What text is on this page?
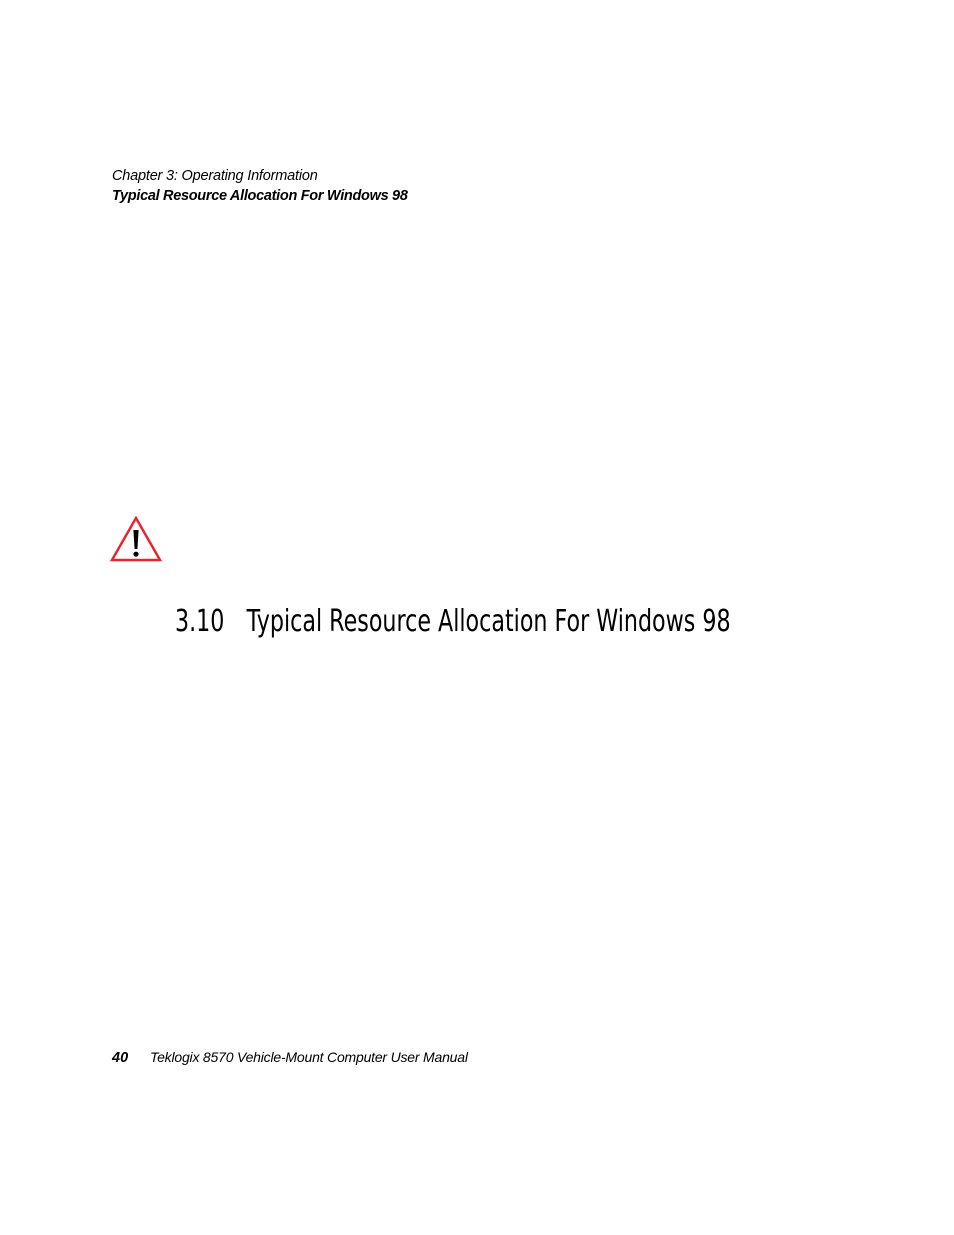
Chapter 3: Operating Information
Typical Resource Allocation For Windows 98
3.10 Typical Resource Allocation For Windows 98
40 Teklogix 8570 Vehicle-Mount Computer User Manual
